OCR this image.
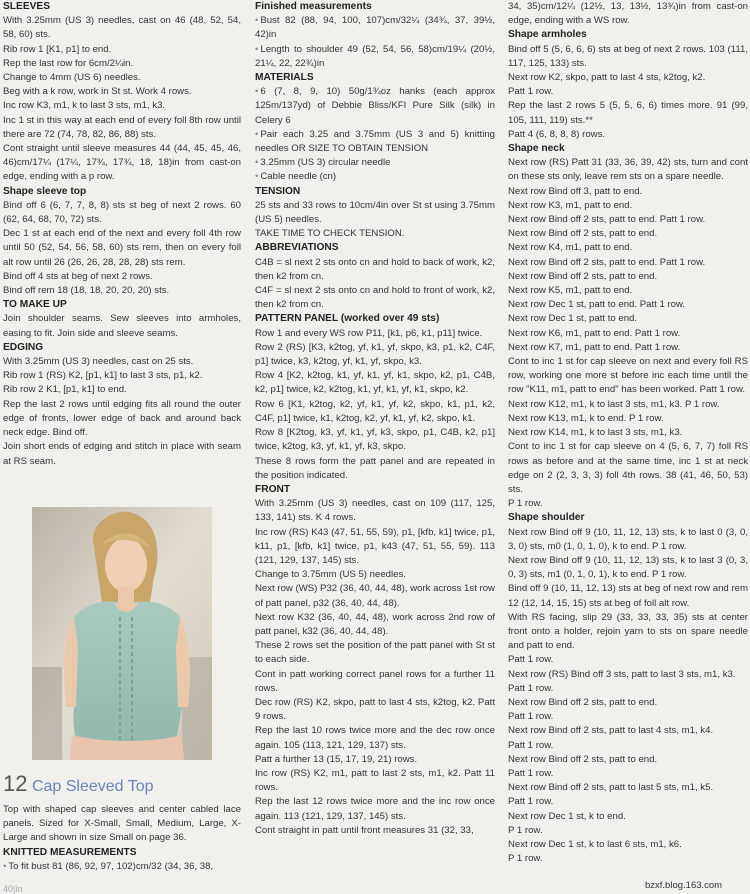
SLEEVES
With 3.25mm (US 3) needles, cast on 46 (48, 52, 54, 58, 60) sts.
Rib row 1 [K1, p1] to end.
Rep the last row for 6cm/2¼in.
Change to 4mm (US 6) needles.
Beg with a k row, work in St st. Work 4 rows.
Inc row K3, m1, k to last 3 sts, m1, k3.
Inc 1 st in this way at each end of every foll 8th row until there are 72 (74, 78, 82, 86, 88) sts.
Cont straight until sleeve measures 44 (44, 45, 45, 46, 46)cm/17¼ (17¼, 17¾, 17¾, 18, 18)in from cast-on edge, ending with a p row.
Shape sleeve top
Bind off 6 (6, 7, 7, 8, 8) sts st beg of next 2 rows. 60 (62, 64, 68, 70, 72) sts.
Dec 1 st at each end of the next and every foll 4th row until 50 (52, 54, 56, 58, 60) sts rem, then on every foll alt row until 26 (26, 26, 28, 28, 28) sts rem.
Bind off 4 sts at beg of next 2 rows.
Bind off rem 18 (18, 18, 20, 20, 20) sts.
TO MAKE UP
Join shoulder seams. Sew sleeves into armholes, easing to fit. Join side and sleeve seams.
EDGING
With 3.25mm (US 3) needles, cast on 25 sts.
Rib row 1 (RS) K2, [p1, k1] to last 3 sts, p1, k2.
Rib row 2 K1, [p1, k1] to end.
Rep the last 2 rows until edging fits all round the outer edge of fronts, lower edge of back and around back neck edge. Bind off.
Join short ends of edging and stitch in place with seam at RS seam.
12 Cap Sleeved Top
Top with shaped cap sleeves and center cabled lace panels. Sized for X-Small, Small, Medium, Large, X-Large and shown in size Small on page 36.
KNITTED MEASUREMENTS
• To fit bust 81 (86, 92, 97, 102)cm/32 (34, 36, 38,
40|in
Finished measurements
• Bust 82 (88, 94, 100, 107)cm/32¼ (34¾, 37, 39½, 42)in
• Length to shoulder 49 (52, 54, 56, 58)cm/19¼ (20½, 21¼, 22, 22¾)in
MATERIALS
• 6 (7, 8, 9, 10) 50g/1¾oz hanks (each approx 125m/137yd) of Debbie Bliss/KFI Pure Silk (silk) in Celery 6
• Pair each 3.25 and 3.75mm (US 3 and 5) knitting needles OR SIZE TO OBTAIN TENSION
• 3.25mm (US 3) circular needle
• Cable needle (cn)
TENSION
25 sts and 33 rows to 10cm/4in over St st using 3.75mm (US 5) needles.
TAKE TIME TO CHECK TENSION.
ABBREVIATIONS
C4B = sl next 2 sts onto cn and hold to back of work, k2, then k2 from cn.
C4F = sl next 2 sts onto cn and hold to front of work, k2, then k2 from cn.
PATTERN PANEL (worked over 49 sts)
Row 1 and every WS row P11, [k1, p6, k1, p11] twice.
Row 2 (RS) [K3, k2tog, yf, k1, yf, skpo, k3, p1, k2, C4F, p1] twice, k3, k2tog, yf, k1, yf, skpo, k3.
Row 4 [K2, k2tog, k1, yf, k1, yf, k1, skpo, k2, p1, C4B, k2, p1] twice, k2, k2tog, k1, yf, k1, yf, k1, skpo, k2.
Row 6 [K1, k2tog, k2, yf, k1, yf, k2, skpo, k1, p1, k2, C4F, p1] twice, k1, k2tog, k2, yf, k1, yf, k2, skpo, k1.
Row 8 [K2tog, k3, yf, k1, yf, k3, skpo, p1, C4B, k2, p1] twice, k2tog, k3, yf, k1, yf, k3, skpo.
These 8 rows form the patt panel and are repeated in the position indicated.
FRONT
With 3.25mm (US 3) needles, cast on 109 (117, 125, 133, 141) sts. K 4 rows.
Inc row (RS) K43 (47, 51, 55, 59), p1, [kfb, k1] twice, p1, k11, p1, [kfb, k1] twice, p1, k43 (47, 51, 55, 59). 113 (121, 129, 137, 145) sts.
Change to 3.75mm (US 5) needles.
Next row (WS) P32 (36, 40, 44, 48), work across 1st row of patt panel, p32 (36, 40, 44, 48).
Next row K32 (36, 40, 44, 48), work across 2nd row of patt panel, k32 (36, 40, 44, 48).
These 2 rows set the position of the patt panel with St st to each side.
Cont in patt working correct panel rows for a further 11 rows.
Dec row (RS) K2, skpo, patt to last 4 sts, k2tog, k2. Patt 9 rows.
Rep the last 10 rows twice more and the dec row once again. 105 (113, 121, 129, 137) sts.
Patt a further 13 (15, 17, 19, 21) rows.
Inc row (RS) K2, m1, patt to last 2 sts, m1, k2. Patt 11 rows.
Rep the last 12 rows twice more and the inc row once again. 113 (121, 129, 137, 145) sts.
Cont straight in patt until front measures 31 (32, 33,
34, 35)cm/12¼ (12½, 13, 13½, 13¾)in from cast-on edge, ending with a WS row.
Shape armholes
Bind off 5 (5, 6, 6, 6) sts at beg of next 2 rows. 103 (111, 117, 125, 133) sts.
Next row K2, skpo, patt to last 4 sts, k2tog, k2.
Patt 1 row.
Rep the last 2 rows 5 (5, 5, 6, 6) times more. 91 (99, 105, 111, 119) sts.**
Patt 4 (6, 8, 8, 8) rows.
Shape neck
Next row (RS) Patt 31 (33, 36, 39, 42) sts, turn and cont on these sts only, leave rem sts on a spare needle.
Next row Bind off 3, patt to end.
Next row K3, m1, patt to end.
Next row Bind off 2 sts, patt to end. Patt 1 row.
Next row Bind off 2 sts, patt to end.
Next row K4, m1, patt to end.
Next row Bind off 2 sts, patt to end. Patt 1 row.
Next row Bind off 2 sts, patt to end.
Next row K5, m1, patt to end.
Next row Dec 1 st, patt to end. Patt 1 row.
Next row Dec 1 st, patt to end.
Next row K6, m1, patt to end. Patt 1 row.
Next row K7, m1, patt to end. Patt 1 row.
Cont to inc 1 st for cap sleeve on next and every foll RS row, working one more st before inc each time until the row "K11, m1, patt to end" has been worked. Patt 1 row.
Next row K12, m1, k to last 3 sts, m1, k3. P 1 row.
Next row K13, m1, k to end. P 1 row.
Next row K14, m1, k to last 3 sts, m1, k3.
Cont to inc 1 st for cap sleeve on 4 (5, 6, 7, 7) foll RS rows as before and at the same time, inc 1 st at neck edge on 2 (2, 3, 3, 3) foll 4th rows. 38 (41, 46, 50, 53) sts.
P 1 row.
Shape shoulder
Next row Bind off 9 (10, 11, 12, 13) sts, k to last 0 (3, 0, 3, 0) sts, m0 (1, 0, 1, 0), k to end. P 1 row.
Next row Bind off 9 (10, 11, 12, 13) sts, k to last 3 (0, 3, 0, 3) sts, m1 (0, 1, 0, 1), k to end. P 1 row.
Bind off 9 (10, 11, 12, 13) sts at beg of next row and rem 12 (12, 14, 15, 15) sts at beg of foll alt row.
With RS facing, slip 29 (33, 33, 33, 35) sts at center front onto a holder, rejoin yarn to sts on spare needle and patt to end.
Patt 1 row.
Next row (RS) Bind off 3 sts, patt to last 3 sts, m1, k3.
Patt 1 row.
Next row Bind off 2 sts, patt to end.
Patt 1 row.
Next row Bind off 2 sts, patt to last 4 sts, m1, k4.
Patt 1 row.
Next row Bind off 2 sts, patt to end.
Patt 1 row.
Next row Bind off 2 sts, patt to last 5 sts, m1, k5.
Patt 1 row.
Next row Dec 1 st, k to end.
P 1 row.
Next row Dec 1 st, k to last 6 sts, m1, k6.
P 1 row.
bzxf.blog.163.com
